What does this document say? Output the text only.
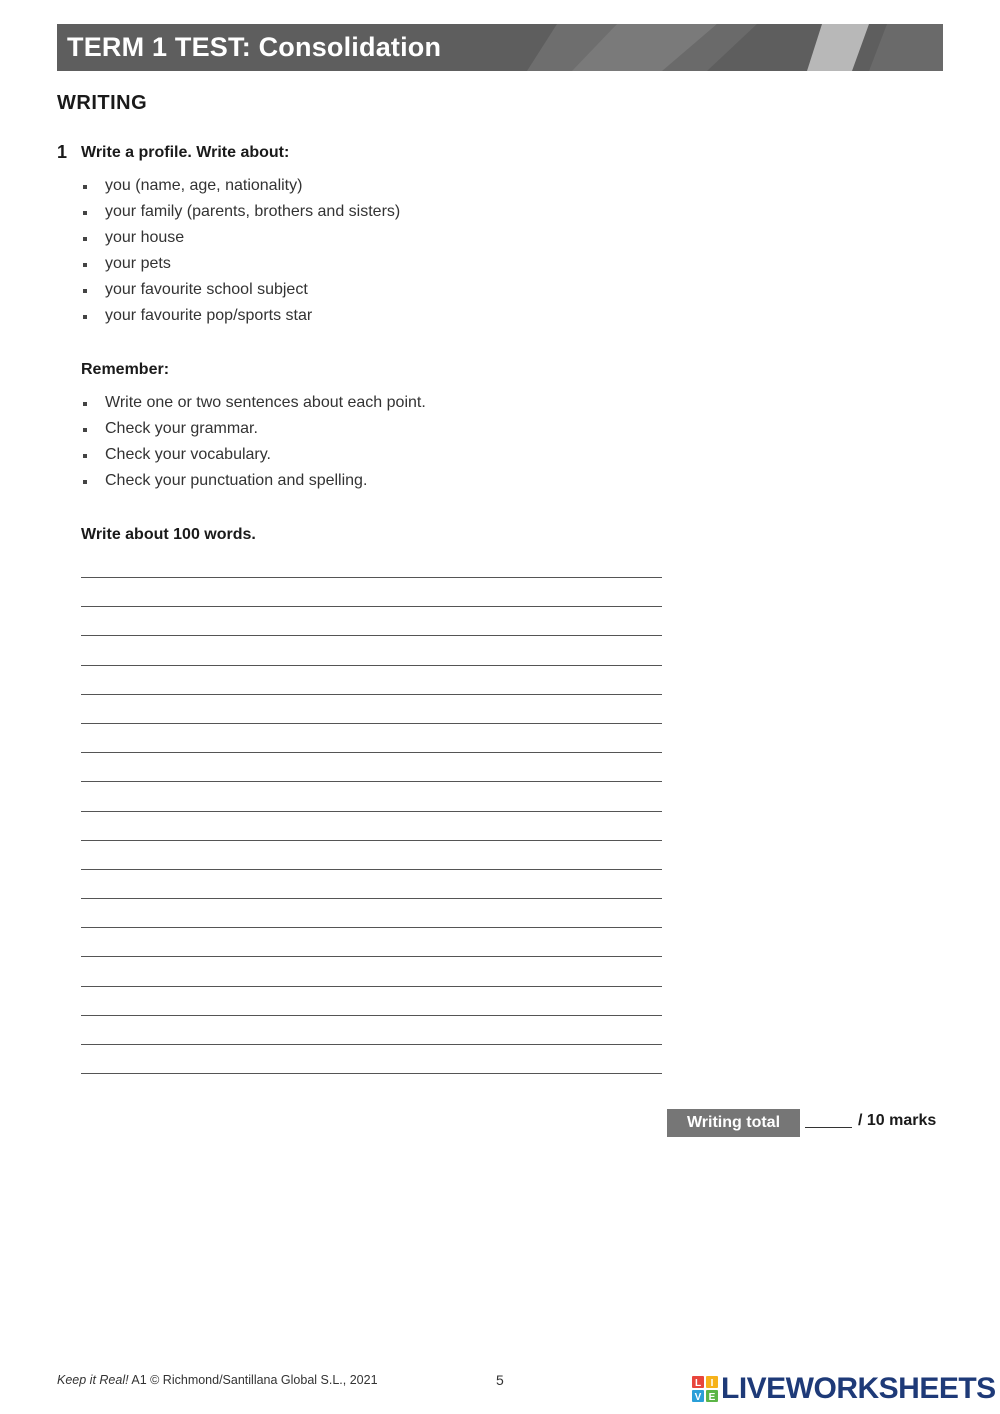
TERM 1 TEST: Consolidation
WRITING
1 Write a profile. Write about:
you (name, age, nationality)
your family (parents, brothers and sisters)
your house
your pets
your favourite school subject
your favourite pop/sports star
Remember:
Write one or two sentences about each point.
Check your grammar.
Check your vocabulary.
Check your punctuation and spelling.
Write about 100 words.
Writing total	/ 10 marks
Keep it Real! A1 © Richmond/Santillana Global S.L., 2021	5	L I
V E LIVEWORKSHEETS
